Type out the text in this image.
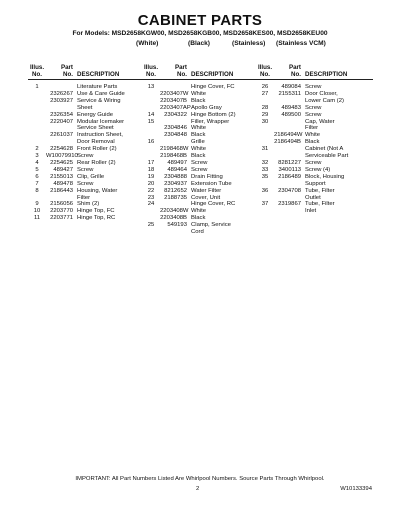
CABINET PARTS
For Models: MSD2658KGW00, MSD2658KGB00, MSD2658KES00, MSD2658KEU00
(White)	(Black)	(Stainless) (Stainless VCM)
Illus.
No.
Part
No. DESCRIPTION
1	Literature Parts
2326267 Use & Care Guide
2303927 Service & Wiring
Sheet
2326354 Energy Guide
2220407 Modular Icemaker
Service Sheet
2261037 Instruction Sheet,
Door Removal
2	2254628 Front Roller (2)
3	W10079910 Screw
4	2254625 Rear Roller (2)
5	489427 Screw
6	2155013 Clip, Grille
7	489478 Screw
8	2186443 Housing, Water
Filter
9	2156056 Shim (2)
10	2203770 Hinge Top, FC
11	2203771 Hinge Top, RC
Illus.
No.
Part
No. DESCRIPTION
13	Hinge Cover, FC
2203407W White
2203407B Black
2203407AP Apollo Gray
14	2304322 Hinge Bottom (2)
15	Filler, Wrapper
2304846 White
2304848 Black
16	Grille
2198468W White
2198468B Black
17	489497 Screw
18	489464 Screw
19	2304888 Drain Fitting
20	2304937 Extension Tube
22	8212652 Water Filter
23	2188735 Cover, Unit
24	Hinge Cover, RC
2203408W White
2203408B Black
25	549193 Clamp, Service
Cord
Illus.
No.
Part
No. DESCRIPTION
26	489084 Screw
27	2155311 Door Closer,
Lower Cam (2)
28	489483 Screw
29	489500 Screw
30	Cap, Water
Filter
2186494W White
2186494B Black
31	Cabinet (Not A
Serviceable Part
32	8281227 Screw
33	3400113 Screw (4)
35	2186489 Block, Housing
Support
36	2304708 Tube, Filter
Outlet
37	2319867 Tube, Filter
Inlet
IMPORTANT: All Part Numbers Listed Are Whirlpool Numbers. Source Parts Through Whirlpool.
2	W10133394
